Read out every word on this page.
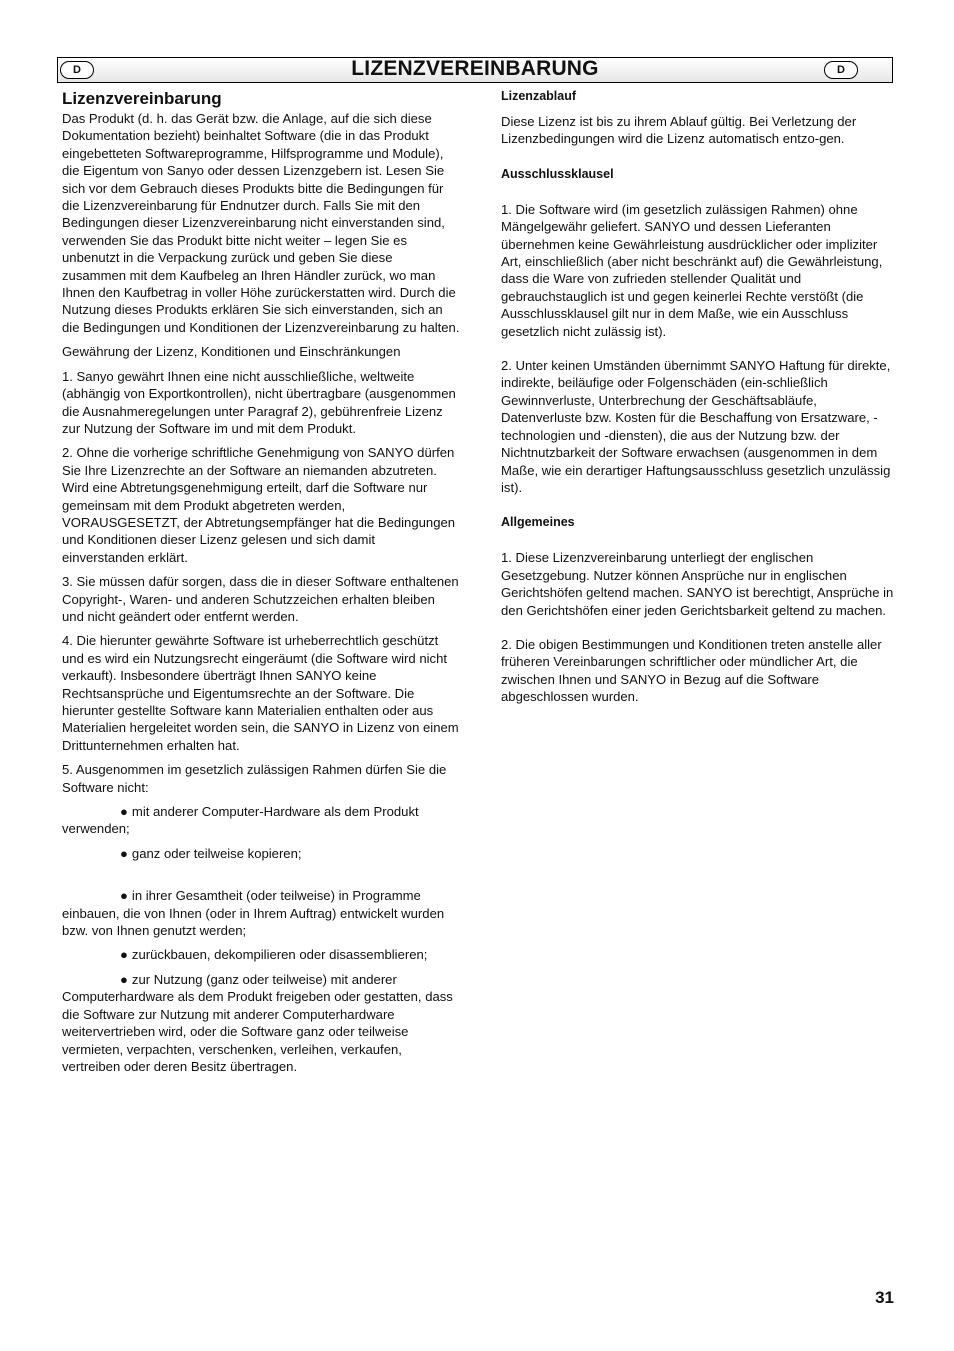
D	LIZENZVEREINBARUNG	D

Lizenzvereinbarung

Das Produkt (d. h. das Gerät bzw. die Anlage, auf die sich diese Dokumentation bezieht) beinhaltet Software (die in das Produkt eingebetteten Softwareprogramme, Hilfsprogramme und Module), die Eigentum von Sanyo oder dessen Lizenzgebern ist. Lesen Sie sich vor dem Gebrauch dieses Produkts bitte die Bedingungen für die Lizenzvereinbarung für Endnutzer durch. Falls Sie mit den Bedingungen dieser Lizenzvereinbarung nicht einverstanden sind, verwenden Sie das Produkt bitte nicht weiter – legen Sie es unbenutzt in die Verpackung zurück und geben Sie diese zusammen mit dem Kaufbeleg an Ihren Händler zurück, wo man Ihnen den Kaufbetrag in voller Höhe zurückerstatten wird. Durch die Nutzung dieses Produkts erklären Sie sich einverstanden, sich an die Bedingungen und Konditionen der Lizenzvereinbarung zu halten.

Gewährung der Lizenz, Konditionen und Einschränkungen

1. Sanyo gewährt Ihnen eine nicht ausschließliche, weltweite (abhängig von Exportkontrollen), nicht übertragbare (ausgenommen die Ausnahmeregelungen unter Paragraf 2), gebührenfreie Lizenz zur Nutzung der Software im und mit dem Produkt.

2. Ohne die vorherige schriftliche Genehmigung von SANYO dürfen Sie Ihre Lizenzrechte an der Software an niemanden abzutreten. Wird eine Abtretungsgenehmigung erteilt, darf die Software nur gemeinsam mit dem Produkt abgetreten werden, VORAUSGESETZT, der Abtretungsempfänger hat die Bedingungen und Konditionen dieser Lizenz gelesen und sich damit einverstanden erklärt.

3. Sie müssen dafür sorgen, dass die in dieser Software enthaltenen Copyright-, Waren- und anderen Schutzzeichen erhalten bleiben und nicht geändert oder entfernt werden.

4. Die hierunter gewährte Software ist urheberrechtlich geschützt und es wird ein Nutzungsrecht eingeräumt (die Software wird nicht verkauft). Insbesondere überträgt Ihnen SANYO keine Rechtsansprüche und Eigentumsrechte an der Software. Die hierunter gestellte Software kann Materialien enthalten oder aus Materialien hergeleitet worden sein, die SANYO in Lizenz von einem Drittunternehmen erhalten hat.

5. Ausgenommen im gesetzlich zulässigen Rahmen dürfen Sie die Software nicht:

● mit anderer Computer-Hardware als dem Produkt verwenden;

● ganz oder teilweise kopieren;

● in ihrer Gesamtheit (oder teilweise) in Programme einbauen, die von Ihnen (oder in Ihrem Auftrag) entwickelt wurden bzw. von Ihnen genutzt werden;

● zurückbauen, dekompilieren oder disassemblieren;

● zur Nutzung (ganz oder teilweise) mit anderer Computerhardware als dem Produkt freigeben oder gestatten, dass die Software zur Nutzung mit anderer Computerhardware weitervertrieben wird, oder die Software ganz oder teilweise vermieten, verpachten, verschenken, verleihen, verkaufen, vertreiben oder deren Besitz übertragen.

Lizenzablauf

Diese Lizenz ist bis zu ihrem Ablauf gültig. Bei Verletzung der Lizenzbedingungen wird die Lizenz automatisch entzo-gen.

Ausschlussklausel

1. Die Software wird (im gesetzlich zulässigen Rahmen) ohne Mängelgewähr geliefert. SANYO und dessen Lieferanten übernehmen keine Gewährleistung ausdrücklicher oder impliziter Art, einschließlich (aber nicht beschränkt auf) die Gewährleistung, dass die Ware von zufrieden stellender Qualität und gebrauchstauglich ist und gegen keinerlei Rechte verstößt (die Ausschlussklausel gilt nur in dem Maße, wie ein Ausschluss gesetzlich nicht zulässig ist).

2. Unter keinen Umständen übernimmt SANYO Haftung für direkte, indirekte, beiläufige oder Folgenschäden (ein-schließlich Gewinnverluste, Unterbrechung der Geschäftsabläufe, Datenverluste bzw. Kosten für die Beschaffung von Ersatzware, -technologien und -diensten), die aus der Nutzung bzw. der Nichtnutzbarkeit der Software erwachsen (ausgenommen in dem Maße, wie ein derartiger Haftungsausschluss gesetzlich unzulässig ist).

Allgemeines

1. Diese Lizenzvereinbarung unterliegt der englischen Gesetzgebung. Nutzer können Ansprüche nur in englischen Gerichtshöfen geltend machen. SANYO ist berechtigt, Ansprüche in den Gerichtshöfen einer jeden Gerichtsbarkeit geltend zu machen.

2. Die obigen Bestimmungen und Konditionen treten anstelle aller früheren Vereinbarungen schriftlicher oder mündlicher Art, die zwischen Ihnen und SANYO in Bezug auf die Software abgeschlossen wurden.

31
